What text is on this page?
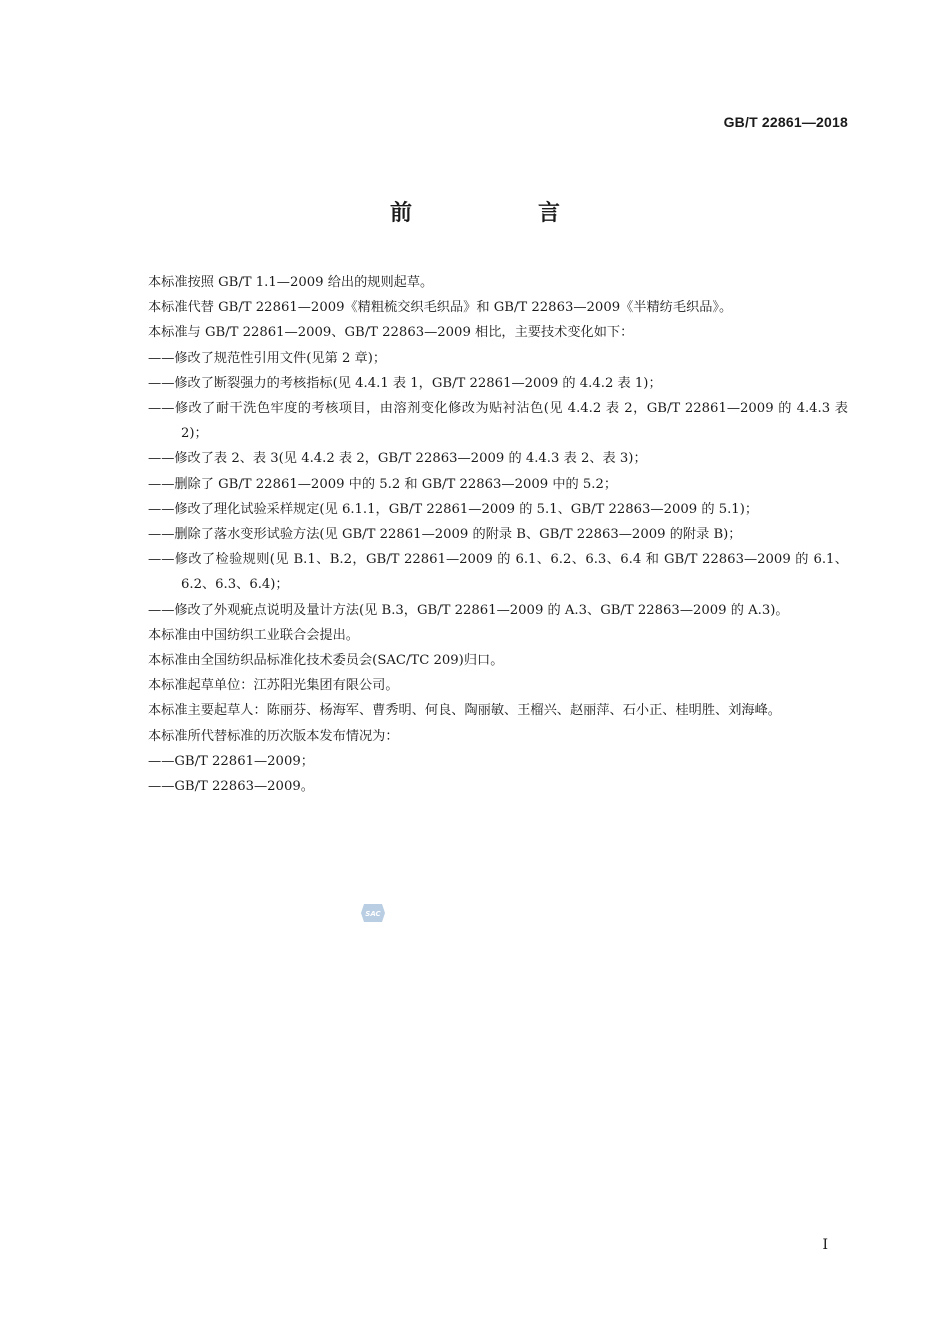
GB/T 22861—2018
前　言

本标准按照 GB/T 1.1—2009 给出的规则起草。

本标准代替 GB/T 22861—2009《精粗梳交织毛织品》和 GB/T 22863—2009《半精纺毛织品》。

本标准与 GB/T 22861—2009、GB/T 22863—2009 相比，主要技术变化如下：

——修改了规范性引用文件(见第 2 章)；

——修改了断裂强力的考核指标(见 4.4.1 表 1，GB/T 22861—2009 的 4.4.2 表 1)；

——修改了耐干洗色牢度的考核项目，由溶剂变化修改为贴衬沾色(见 4.4.2 表 2，GB/T 22861—2009 的 4.4.3 表 2)；

——修改了表 2、表 3(见 4.4.2 表 2，GB/T 22863—2009 的 4.4.3 表 2、表 3)；

——删除了 GB/T 22861—2009 中的 5.2 和 GB/T 22863—2009 中的 5.2；

——修改了理化试验采样规定(见 6.1.1，GB/T 22861—2009 的 5.1、GB/T 22863—2009 的 5.1)；

——删除了落水变形试验方法(见 GB/T 22861—2009 的附录 B、GB/T 22863—2009 的附录 B)；

——修改了检验规则(见 B.1、B.2，GB/T 22861—2009 的 6.1、6.2、6.3、6.4 和 GB/T 22863—2009 的 6.1、6.2、6.3、6.4)；

——修改了外观疵点说明及量计方法(见 B.3，GB/T 22861—2009 的 A.3、GB/T 22863—2009 的 A.3)。

本标准由中国纺织工业联合会提出。

本标准由全国纺织品标准化技术委员会(SAC/TC 209)归口。

本标准起草单位：江苏阳光集团有限公司。

本标准主要起草人：陈丽芬、杨海军、曹秀明、何良、陶丽敏、王榴兴、赵丽萍、石小正、桂明胜、刘海峰。

本标准所代替标准的历次版本发布情况为：

——GB/T 22861—2009；

——GB/T 22863—2009。

SAC
I
